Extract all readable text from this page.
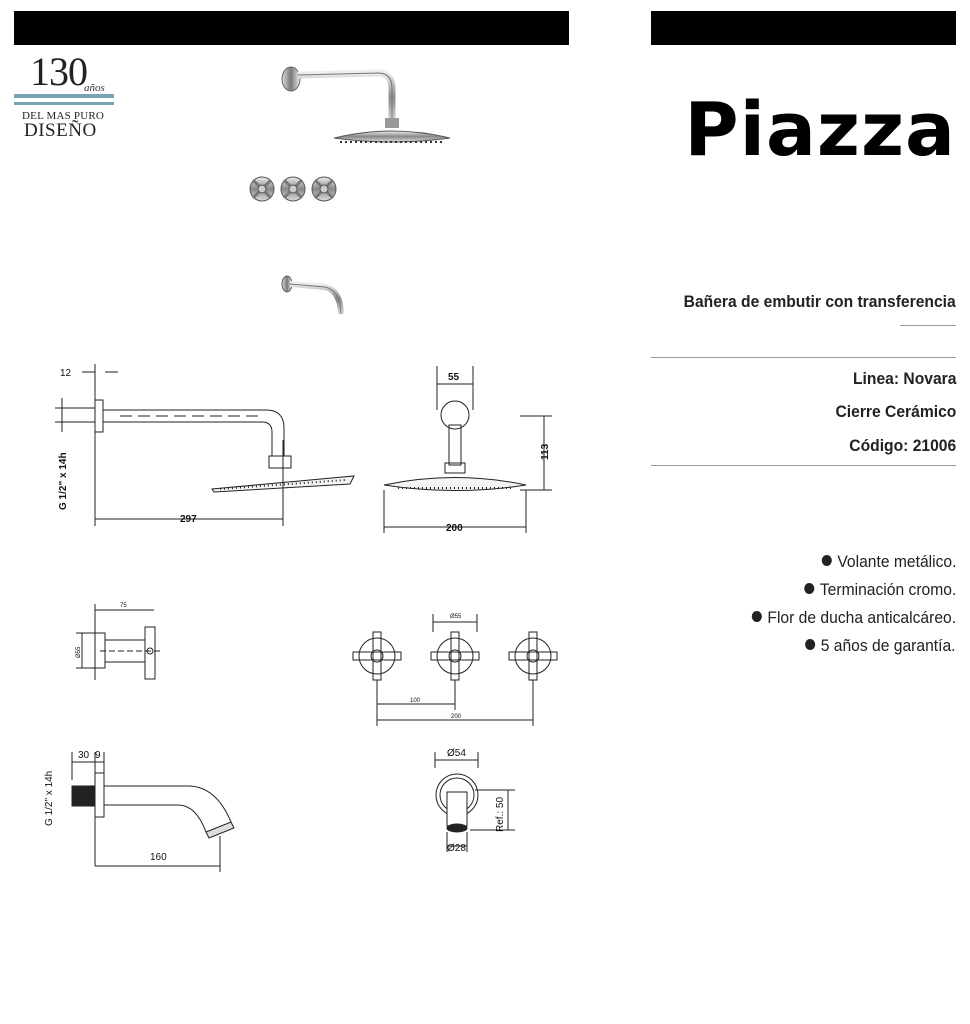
130
años
DEL MAS PURO
DISEÑO	Piazza
Bañera de embutir con transferencia
Linea: Novara
Cierre Cerámico
Código: 21006
Volante metálico.
Terminación cromo.
Flor de ducha anticalcáreo.
5 años de garantía.
12
297
G 1/2" x 14h
55
113
200
75
Ø55
Ø55
100
200
30 9
G 1/2" x 14h
160
Ø54
Ref.: 50
Ø28
